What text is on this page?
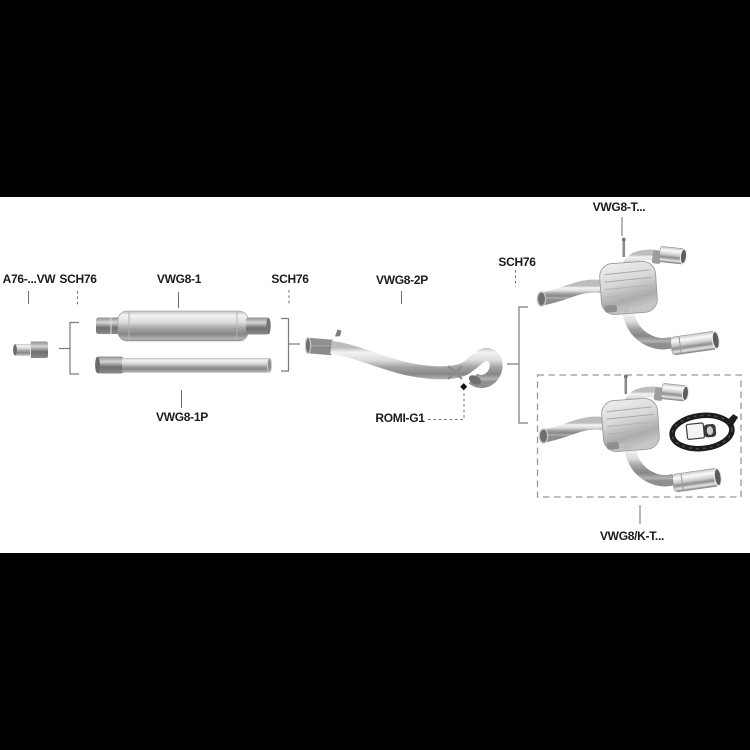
A76-...VW SCH76	VWG8-1	SCH76	VWG8-2P
VWG8-1P	ROMI-G1
SCH76
VWG8-T...
VWG8/K-T...
